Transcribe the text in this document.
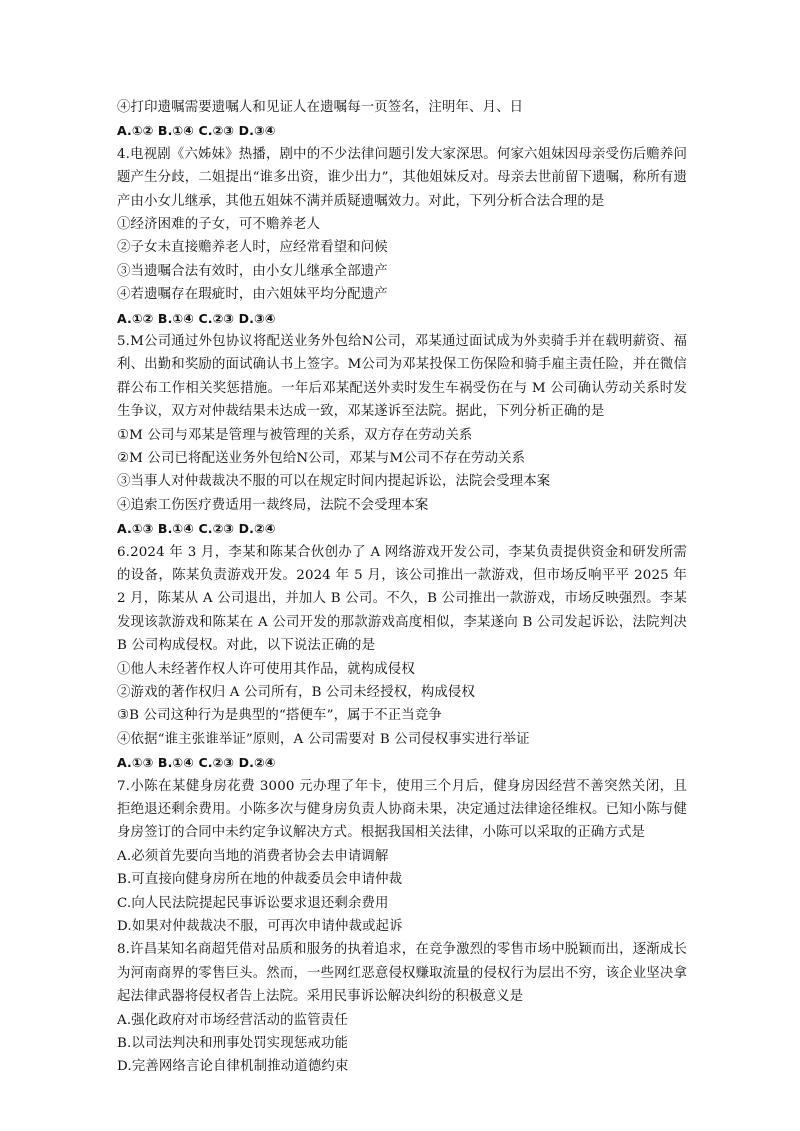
④打印遗嘱需要遗嘱人和见证人在遗嘱每一页签名，注明年、月、日
A.①② B.①④ C.②③ D.③④
4.电视剧《六姊妹》热播，剧中的不少法律问题引发大家深思。何家六姐妹因母亲受伤后赡养问题产生分歧，二姐提出“谁多出资，谁少出力”，其他姐妹反对。母亲去世前留下遗嘱，称所有遗产由小女儿继承，其他五姐妹不满并质疑遗嘱效力。对此，下列分析合法合理的是
①经济困难的子女，可不赡养老人
②子女未直接赡养老人时，应经常看望和问候
③当遗嘱合法有效时，由小女儿继承全部遗产
④若遗嘱存在瑕疵时，由六姐妹平均分配遗产
A.①② B.①④ C.②③ D.③④
5.M公司通过外包协议将配送业务外包给N公司，邓某通过面试成为外卖骑手并在载明薪资、福利、出勤和奖励的面试确认书上签字。M公司为邓某投保工伤保险和骑手雇主责任险，并在微信群公布工作相关奖惩措施。一年后邓某配送外卖时发生车祸受伤在与 M 公司确认劳动关系时发生争议，双方对仲裁结果未达成一致，邓某遂诉至法院。据此，下列分析正确的是
①M 公司与邓某是管理与被管理的关系，双方存在劳动关系
②M 公司已将配送业务外包给N公司，邓某与M公司不存在劳动关系
③当事人对仲裁裁决不服的可以在规定时间内提起诉讼，法院会受理本案
④追索工伤医疗费适用一裁终局，法院不会受理本案
A.①③ B.①④ C.②③ D.②④
6.2024 年 3 月，李某和陈某合伙创办了 A 网络游戏开发公司，李某负责提供资金和研发所需的设备，陈某负责游戏开发。2024 年 5 月，该公司推出一款游戏，但市场反响平平 2025 年 2 月，陈某从 A 公司退出，并加人 B 公司。不久，B 公司推出一款游戏，市场反映强烈。李某发现该款游戏和陈某在 A 公司开发的那款游戏高度相似，李某遂向 B 公司发起诉讼，法院判决 B 公司构成侵权。对此，以下说法正确的是
①他人未经著作权人许可使用其作品，就构成侵权
②游戏的著作权归 A 公司所有，B 公司未经授权，构成侵权
③B 公司这种行为是典型的“搭便车”，属于不正当竞争
④依据“谁主张谁举证”原则，A 公司需要对 B 公司侵权事实进行举证
A.①③ B.①④ C.②③ D.②④
7.小陈在某健身房花费 3000 元办理了年卡，使用三个月后，健身房因经营不善突然关闭，且拒绝退还剩余费用。小陈多次与健身房负责人协商未果，决定通过法律途径维权。已知小陈与健身房签订的合同中未约定争议解决方式。根据我国相关法律，小陈可以采取的正确方式是
A.必须首先要向当地的消费者协会去申请调解
B.可直接向健身房所在地的仲裁委员会申请仲裁
C.向人民法院提起民事诉讼要求退还剩余费用
D.如果对仲裁裁决不服，可再次申请仲裁或起诉
8.许昌某知名商超凭借对品质和服务的执着追求，在竞争激烈的零售市场中脱颖而出，逐渐成长为河南商界的零售巨头。然而，一些网红恶意侵权赚取流量的侵权行为层出不穷，该企业坚决拿起法律武器将侵权者告上法院。采用民事诉讼解决纠纷的积极意义是
A.强化政府对市场经营活动的监管责任
B.以司法判决和刑事处罚实现惩戒功能
D.完善网络言论自律机制推动道德约束
